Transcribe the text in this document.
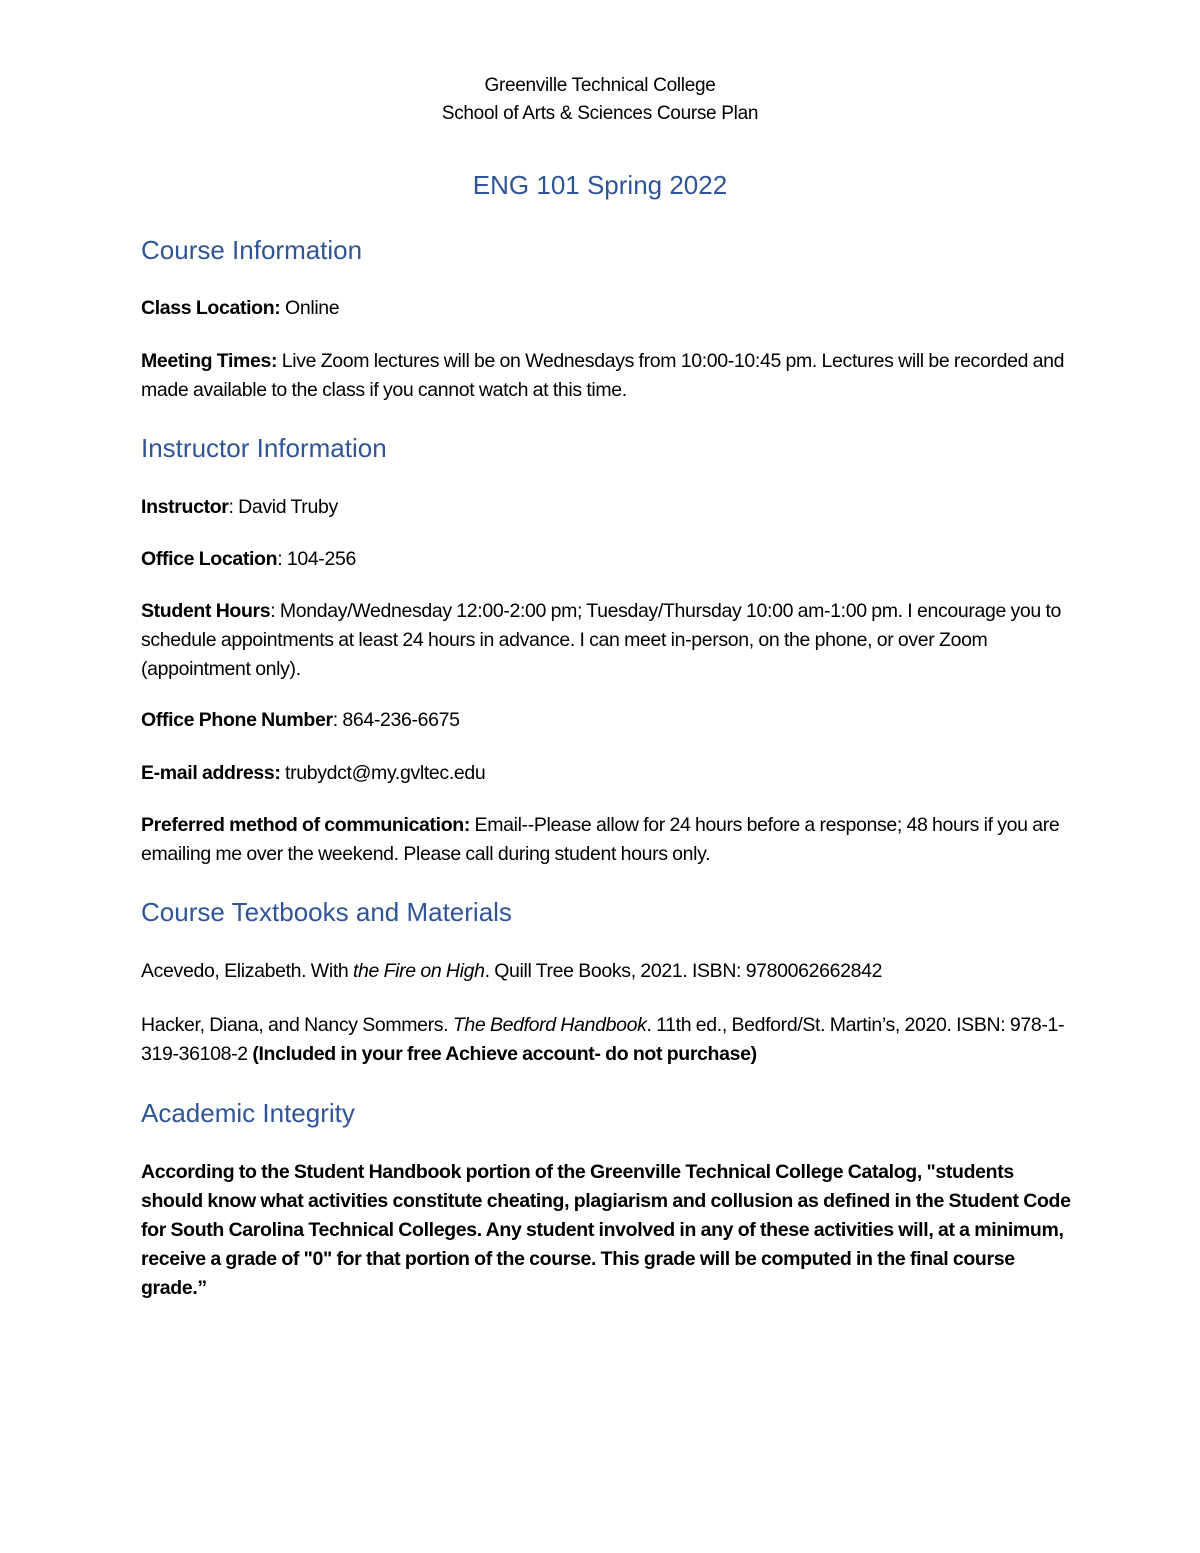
Greenville Technical College
School of Arts & Sciences Course Plan
ENG 101 Spring 2022
Course Information
Class Location: Online
Meeting Times: Live Zoom lectures will be on Wednesdays from 10:00-10:45 pm. Lectures will be recorded and made available to the class if you cannot watch at this time.
Instructor Information
Instructor: David Truby
Office Location: 104-256
Student Hours: Monday/Wednesday 12:00-2:00 pm; Tuesday/Thursday 10:00 am-1:00 pm. I encourage you to schedule appointments at least 24 hours in advance. I can meet in-person, on the phone, or over Zoom (appointment only).
Office Phone Number: 864-236-6675
E-mail address: trubydct@my.gvltec.edu
Preferred method of communication: Email--Please allow for 24 hours before a response; 48 hours if you are emailing me over the weekend. Please call during student hours only.
Course Textbooks and Materials
Acevedo, Elizabeth. With the Fire on High. Quill Tree Books, 2021. ISBN: 9780062662842
Hacker, Diana, and Nancy Sommers. The Bedford Handbook. 11th ed., Bedford/St. Martin’s, 2020. ISBN: 978-1-319-36108-2 (Included in your free Achieve account- do not purchase)
Academic Integrity
According to the Student Handbook portion of the Greenville Technical College Catalog, "students should know what activities constitute cheating, plagiarism and collusion as defined in the Student Code for South Carolina Technical Colleges. Any student involved in any of these activities will, at a minimum, receive a grade of "0" for that portion of the course. This grade will be computed in the final course grade.”
